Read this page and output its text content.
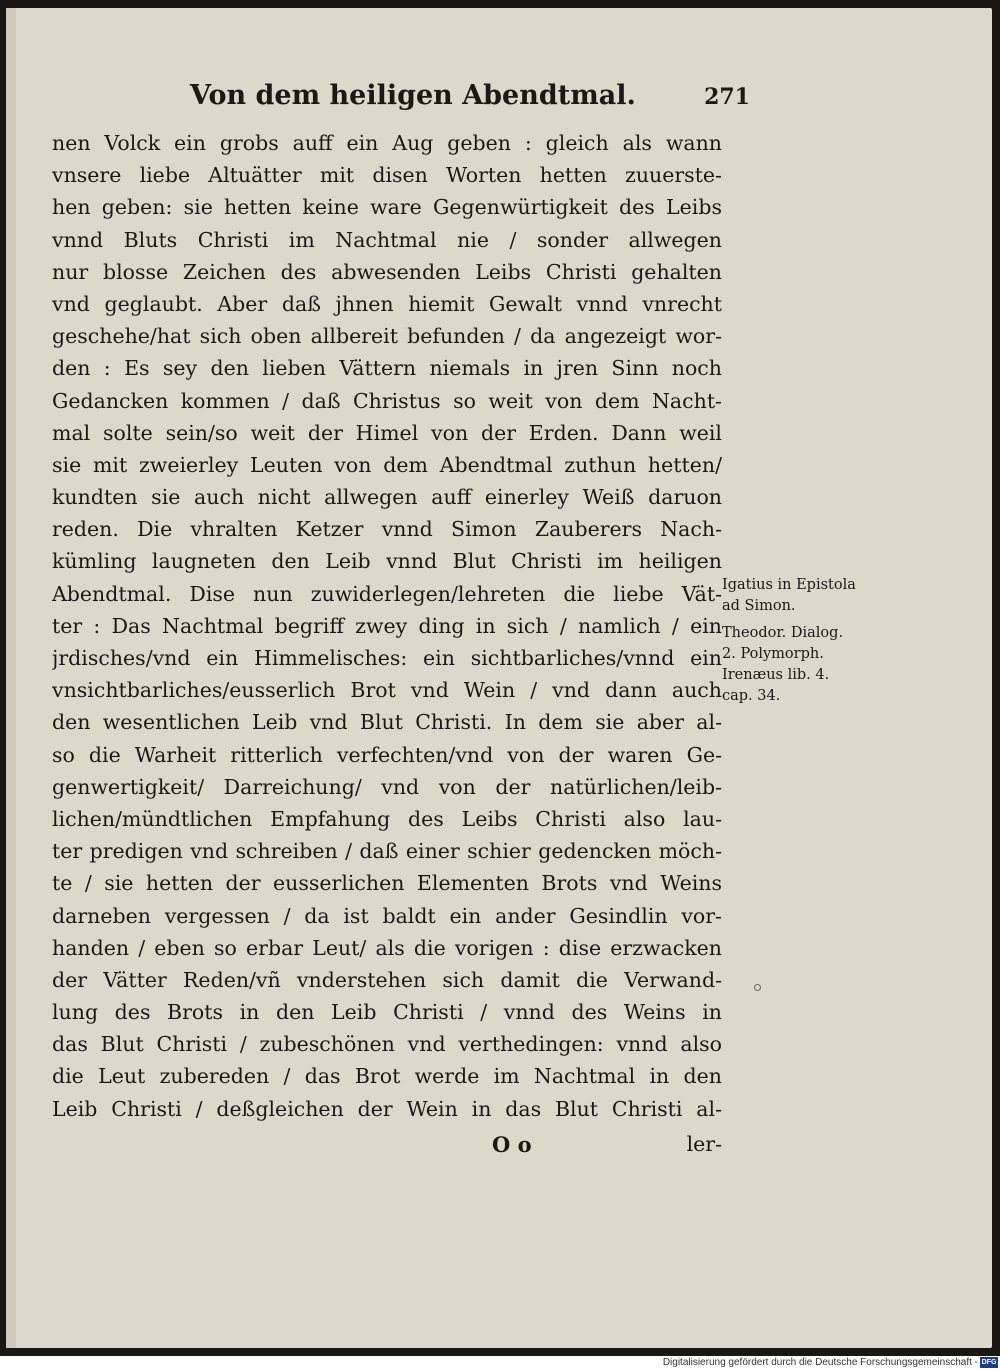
Von dem heiligen Abendtmal.	271
nen Volck ein grobs auff ein Aug geben : gleich als wann
vnsere liebe Altuätter mit disen Worten hetten zuuerste-
hen geben: sie hetten keine ware Gegenwürtigkeit des Leibs
vnnd Bluts Christi im Nachtmal nie / sonder allwegen
nur blosse Zeichen des abwesenden Leibs Christi gehalten
vnd geglaubt. Aber daß jhnen hiemit Gewalt vnnd vnrecht
geschehe/hat sich oben allbereit befunden / da angezeigt wor-
den : Es sey den lieben Vättern niemals in jren Sinn noch
Gedancken kommen / daß Christus so weit von dem Nacht-
mal solte sein/so weit der Himel von der Erden. Dann weil
sie mit zweierley Leuten von dem Abendtmal zuthun hetten/
kundten sie auch nicht allwegen auff einerley Weiß daruon
reden. Die vhralten Ketzer vnnd Simon Zauberers Nach-
kümling laugneten den Leib vnnd Blut Christi im heiligen
Abendtmal. Dise nun zuwiderlegen/lehreten die liebe Vät-
ter : Das Nachtmal begriff zwey ding in sich / namlich / ein
jrdisches/vnd ein Himmelisches: ein sichtbarliches/vnnd ein
vnsichtbarliches/eusserlich Brot vnd Wein / vnd dann auch
den wesentlichen Leib vnd Blut Christi. In dem sie aber al-
so die Warheit ritterlich verfechten/vnd von der waren Ge-
genwertigkeit/ Darreichung/ vnd von der natürlichen/leib-
lichen/mündtlichen Empfahung des Leibs Christi also lau-
ter predigen vnd schreiben / daß einer schier gedencken möch-
te / sie hetten der eusserlichen Elementen Brots vnd Weins
darneben vergessen / da ist baldt ein ander Gesindlin vor-
handen / eben so erbar Leut/ als die vorigen : dise erzwacken
der Vätter Reden/vñ vnderstehen sich damit die Verwand-
lung des Brots in den Leib Christi / vnnd des Weins in
das Blut Christi / zubeschönen vnd verthedingen: vnnd also
die Leut zubereden / das Brot werde im Nachtmal in den
Leib Christi / deßgleichen der Wein in das Blut Christi al-
Igatius in Epistola
ad Simon.
Theodor. Dialog.
2. Polymorph.
Irenæus lib. 4.
cap. 34.
O o	ler-
Digitalisierung gefördert durch die Deutsche Forschungsgemeinschaft - DFG
